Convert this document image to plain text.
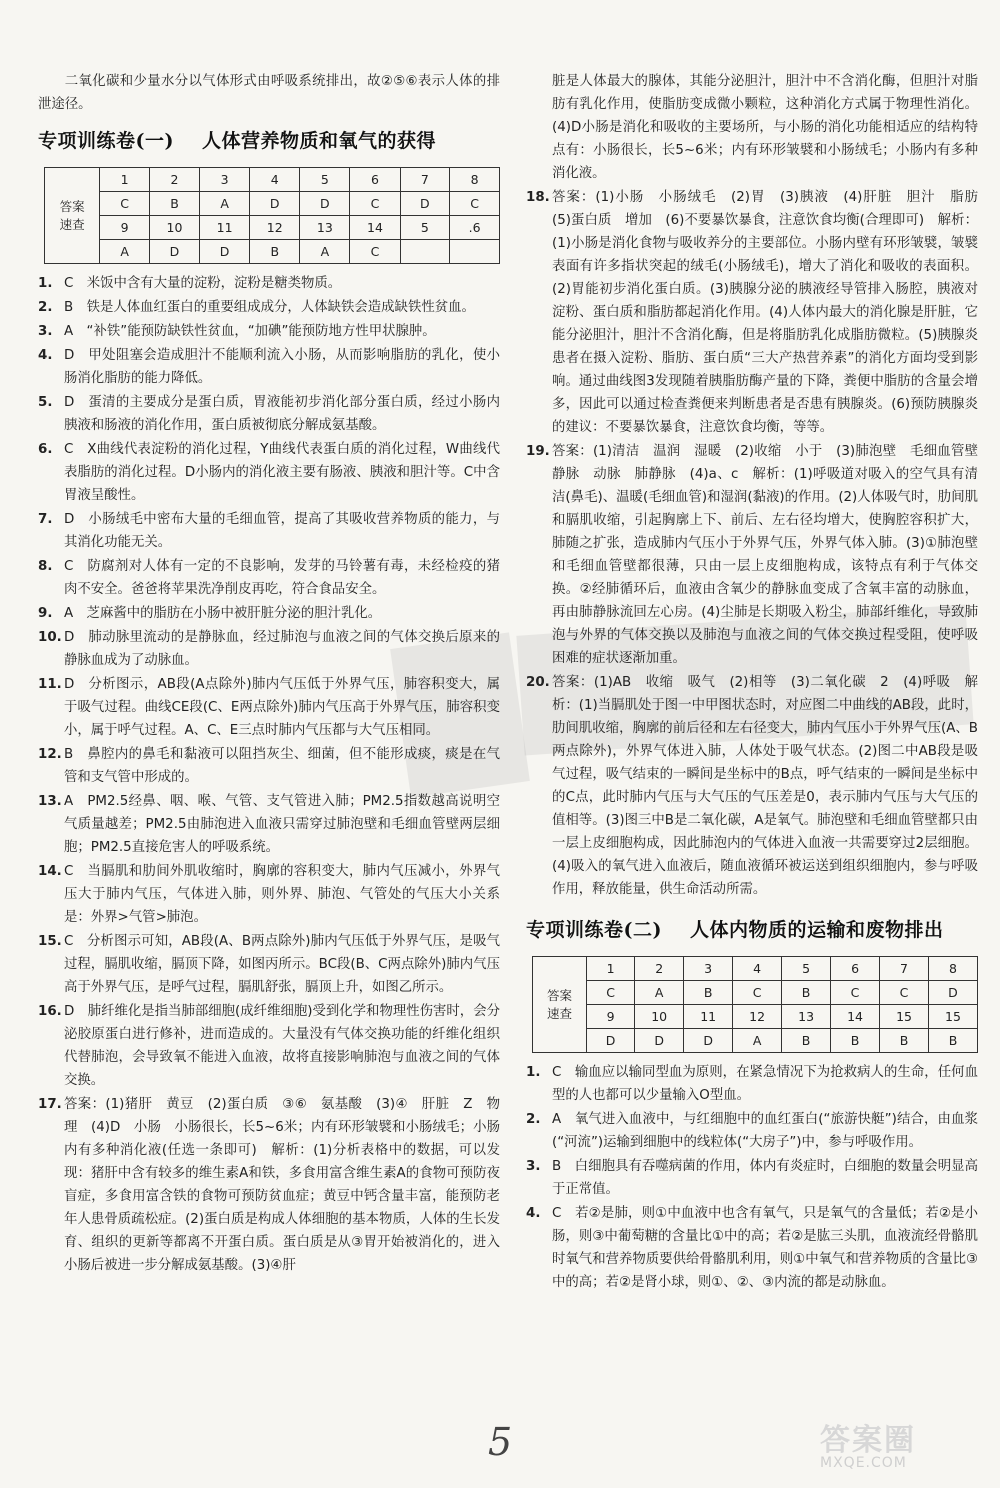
二氧化碳和少量水分以气体形式由呼吸系统排出，故②⑤⑥表示人体的排泄途径。

专项训练卷(一) 人体营养物质和氧气的获得
答案
速查	1	2	3	4	5	6	7	8
	C	B	A	D	D	C	D	C
	9	10	11	12	13	14	5	.6
	A	D	D	B	A	C		
1. C　米饭中含有大量的淀粉，淀粉是糖类物质。
2. B　铁是人体血红蛋白的重要组成成分，人体缺铁会造成缺铁性贫血。
3. A　“补铁”能预防缺铁性贫血，“加碘”能预防地方性甲状腺肿。
4. D　甲处阻塞会造成胆汁不能顺利流入小肠，从而影响脂肪的乳化，使小肠消化脂肪的能力降低。
5. D　蛋清的主要成分是蛋白质，胃液能初步消化部分蛋白质，经过小肠内胰液和肠液的消化作用，蛋白质被彻底分解成氨基酸。
6. C　X曲线代表淀粉的消化过程，Y曲线代表蛋白质的消化过程，W曲线代表脂肪的消化过程。D小肠内的消化液主要有肠液、胰液和胆汁等。C中含胃液呈酸性。
7. D　小肠绒毛中密布大量的毛细血管，提高了其吸收营养物质的能力，与其消化功能无关。
8. C　防腐剂对人体有一定的不良影响，发芽的马铃薯有毒，未经检疫的猪肉不安全。爸爸将苹果洗净削皮再吃，符合食品安全。
9. A　芝麻酱中的脂肪在小肠中被肝脏分泌的胆汁乳化。
10. D　肺动脉里流动的是静脉血，经过肺泡与血液之间的气体交换后原来的静脉血成为了动脉血。
11. D　分析图示，AB段(A点除外)肺内气压低于外界气压，肺容积变大，属于吸气过程。曲线CE段(C、E两点除外)肺内气压高于外界气压，肺容积变小，属于呼气过程。A、C、E三点时肺内气压都与大气压相同。
12. B　鼻腔内的鼻毛和黏液可以阻挡灰尘、细菌，但不能形成痰，痰是在气管和支气管中形成的。
13. A　PM2.5经鼻、咽、喉、气管、支气管进入肺；PM2.5指数越高说明空气质量越差；PM2.5由肺泡进入血液只需穿过肺泡壁和毛细血管壁两层细胞；PM2.5直接危害人的呼吸系统。
14. C　当膈肌和肋间外肌收缩时，胸廓的容积变大，肺内气压减小，外界气压大于肺内气压，气体进入肺，则外界、肺泡、气管处的气压大小关系是：外界>气管>肺泡。
15. C　分析图示可知，AB段(A、B两点除外)肺内气压低于外界气压，是吸气过程，膈肌收缩，膈顶下降，如图丙所示。BC段(B、C两点除外)肺内气压高于外界气压，是呼气过程，膈肌舒张，膈顶上升，如图乙所示。
16. D　肺纤维化是指当肺部细胞(成纤维细胞)受到化学和物理性伤害时，会分泌胶原蛋白进行修补，进而造成的。大量没有气体交换功能的纤维化组织代替肺泡，会导致氧不能进入血液，故将直接影响肺泡与血液之间的气体交换。
17. 答案：(1)猪肝　黄豆　(2)蛋白质　③⑥　氨基酸　(3)④　肝脏　Z　物理　(4)D　小肠　小肠很长，长5~6米；内有环形皱襞和小肠绒毛；小肠内有多种消化液(任选一条即可)　解析：(1)分析表格中的数据，可以发现：猪肝中含有较多的维生素A和铁，多食用富含维生素A的食物可预防夜盲症，多食用富含铁的食物可预防贫血症；黄豆中钙含量丰富，能预防老年人患骨质疏松症。(2)蛋白质是构成人体细胞的基本物质，人体的生长发育、组织的更新等都离不开蛋白质。蛋白质是从③胃开始被消化的，进入小肠后被进一步分解成氨基酸。(3)④肝
脏是人体最大的腺体，其能分泌胆汁，胆汁中不含消化酶，但胆汁对脂肪有乳化作用，使脂肪变成微小颗粒，这种消化方式属于物理性消化。(4)D小肠是消化和吸收的主要场所，与小肠的消化功能相适应的结构特点有：小肠很长，长5~6米；内有环形皱襞和小肠绒毛；小肠内有多种消化液。
18. 答案：(1)小肠　小肠绒毛　(2)胃　(3)胰液　(4)肝脏　胆汁　脂肪　(5)蛋白质　增加　(6)不要暴饮暴食，注意饮食均衡(合理即可)　解析：(1)小肠是消化食物与吸收养分的主要部位。小肠内壁有环形皱襞，皱襞表面有许多指状突起的绒毛(小肠绒毛)，增大了消化和吸收的表面积。(2)胃能初步消化蛋白质。(3)胰腺分泌的胰液经导管排入肠腔，胰液对淀粉、蛋白质和脂肪都起消化作用。(4)人体内最大的消化腺是肝脏，它能分泌胆汁，胆汁不含消化酶，但是将脂肪乳化成脂肪微粒。(5)胰腺炎患者在摄入淀粉、脂肪、蛋白质“三大产热营养素”的消化方面均受到影响。通过曲线图3发现随着胰脂肪酶产量的下降，粪便中脂肪的含量会增多，因此可以通过检查粪便来判断患者是否患有胰腺炎。(6)预防胰腺炎的建议：不要暴饮暴食，注意饮食均衡，等等。
19. 答案：(1)清洁　温润　湿暖　(2)收缩　小于　(3)肺泡壁　毛细血管壁　静脉　动脉　肺静脉　(4)a、c　解析：(1)呼吸道对吸入的空气具有清洁(鼻毛)、温暖(毛细血管)和湿润(黏液)的作用。(2)人体吸气时，肋间肌和膈肌收缩，引起胸廓上下、前后、左右径均增大，使胸腔容积扩大，肺随之扩张，造成肺内气压小于外界气压，外界气体入肺。(3)①肺泡壁和毛细血管壁都很薄，只由一层上皮细胞构成，该特点有利于气体交换。②经肺循环后，血液由含氧少的静脉血变成了含氧丰富的动脉血，再由肺静脉流回左心房。(4)尘肺是长期吸入粉尘，肺部纤维化，导致肺泡与外界的气体交换以及肺泡与血液之间的气体交换过程受阻，使呼吸困难的症状逐渐加重。
20. 答案：(1)AB　收缩　吸气　(2)相等　(3)二氧化碳　2　(4)呼吸　解析：(1)当膈肌处于图一中甲图状态时，对应图二中曲线的AB段，此时，肋间肌收缩，胸廓的前后径和左右径变大，肺内气压小于外界气压(A、B两点除外)，外界气体进入肺，人体处于吸气状态。(2)图二中AB段是吸气过程，吸气结束的一瞬间是坐标中的B点，呼气结束的一瞬间是坐标中的C点，此时肺内气压与大气压的气压差是0，表示肺内气压与大气压的值相等。(3)图三中B是二氧化碳，A是氧气。肺泡壁和毛细血管壁都只由一层上皮细胞构成，因此肺泡内的气体进入血液一共需要穿过2层细胞。(4)吸入的氧气进入血液后，随血液循环被运送到组织细胞内，参与呼吸作用，释放能量，供生命活动所需。
专项训练卷(二) 人体内物质的运输和废物排出
答案
速查	1	2	3	4	5	6	7	8
	C	A	B	C	B	C	C	D
	9	10	11	12	13	14	15	15
	D	D	D	A	B	B	B	B
1. C　输血应以输同型血为原则，在紧急情况下为抢救病人的生命，任何血型的人也都可以少量输入O型血。
2. A　氧气进入血液中，与红细胞中的血红蛋白(“旅游快艇”)结合，由血浆(“河流”)运输到细胞中的线粒体(“大房子”)中，参与呼吸作用。
3. B　白细胞具有吞噬病菌的作用，体内有炎症时，白细胞的数量会明显高于正常值。
4. C　若②是肺，则①中血液中也含有氧气，只是氧气的含量低；若②是小肠，则③中葡萄糖的含量比①中的高；若②是肱三头肌，血液流经骨骼肌时氧气和营养物质要供给骨骼肌利用，则①中氧气和营养物质的含量比③中的高；若②是肾小球，则①、②、③内流的都是动脉血。
5	答案圈
MXQE.COM
